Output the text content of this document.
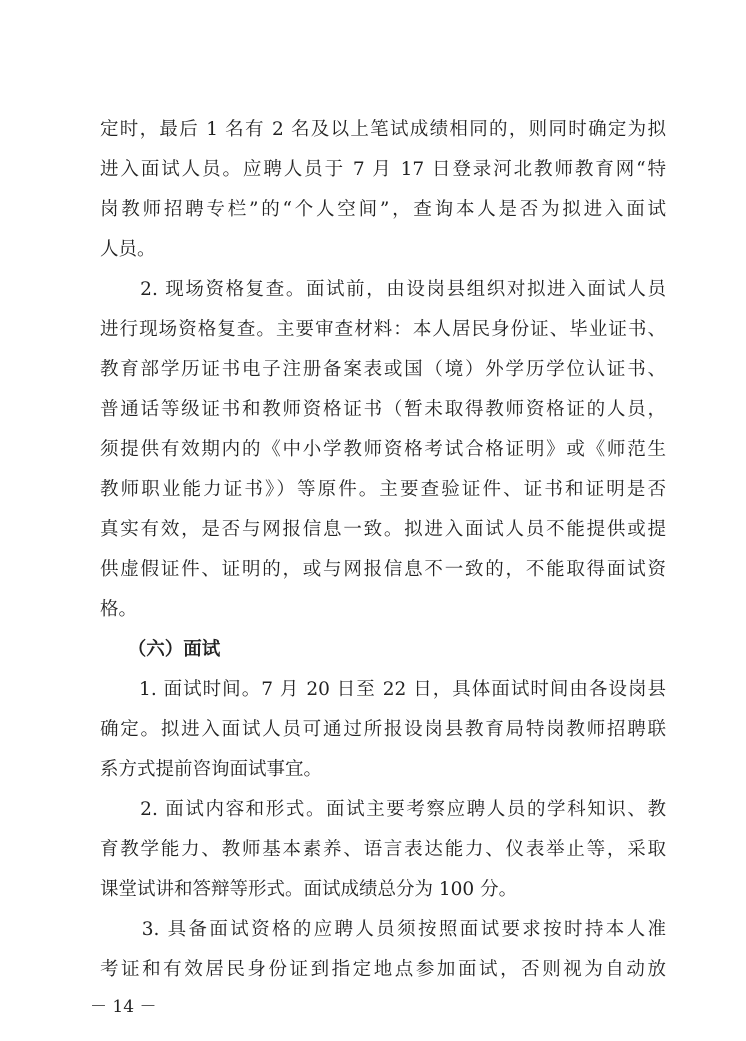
定时，最后 1 名有 2 名及以上笔试成绩相同的，则同时确定为拟
进入面试人员。应聘人员于 7 月 17 日登录河北教师教育网“特
岗教师招聘专栏”的“个人空间”，查询本人是否为拟进入面试
人员。
　　2. 现场资格复查。面试前，由设岗县组织对拟进入面试人员
进行现场资格复查。主要审查材料：本人居民身份证、毕业证书、
教育部学历证书电子注册备案表或国（境）外学历学位认证书、
普通话等级证书和教师资格证书（暂未取得教师资格证的人员，
须提供有效期内的《中小学教师资格考试合格证明》或《师范生
教师职业能力证书》）等原件。主要查验证件、证书和证明是否
真实有效，是否与网报信息一致。拟进入面试人员不能提供或提
供虚假证件、证明的，或与网报信息不一致的，不能取得面试资
格。
　　（六）面试
　　1. 面试时间。7 月 20 日至 22 日，具体面试时间由各设岗县
确定。拟进入面试人员可通过所报设岗县教育局特岗教师招聘联
系方式提前咨询面试事宜。
　　2. 面试内容和形式。面试主要考察应聘人员的学科知识、教
育教学能力、教师基本素养、语言表达能力、仪表举止等，采取
课堂试讲和答辩等形式。面试成绩总分为 100 分。
　　3. 具备面试资格的应聘人员须按照面试要求按时持本人准
考证和有效居民身份证到指定地点参加面试，否则视为自动放
－ 14 －
